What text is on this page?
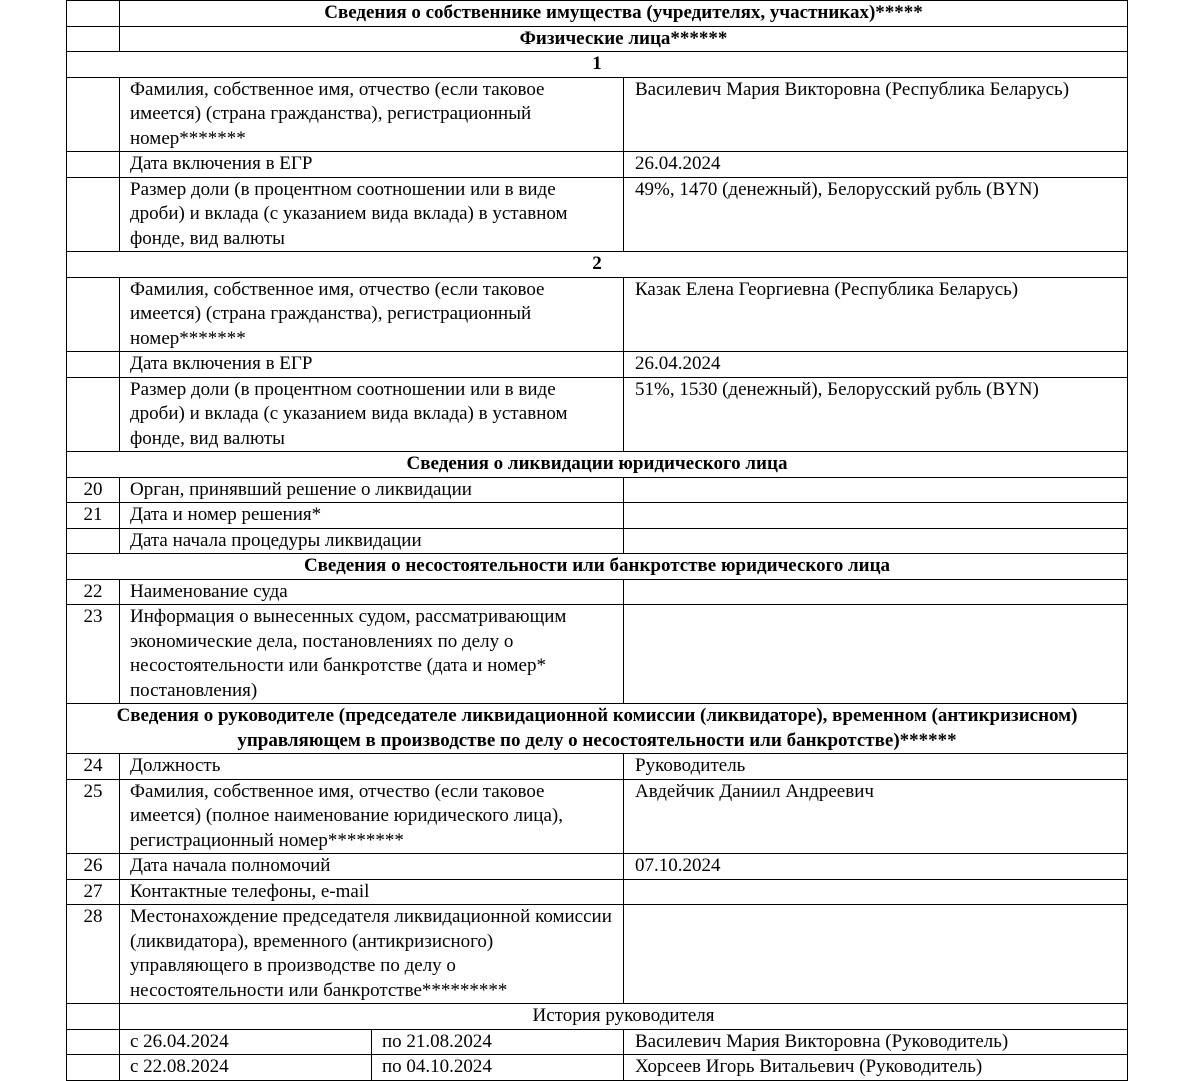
	Сведения о собственнике имущества (учредителях, участниках)*****		
	Физические лица******		
1			
	Фамилия, собственное имя, отчество (если таковое имеется) (страна гражданства), регистрационный номер*******		Василевич Мария Викторовна (Республика Беларусь)
	Дата включения в ЕГР		26.04.2024
	Размер доли (в процентном соотношении или в виде дроби) и вклада (с указанием вида вклада) в уставном фонде, вид валюты		49%, 1470 (денежный), Белорусский рубль (BYN)
2			
	Фамилия, собственное имя, отчество (если таковое имеется) (страна гражданства), регистрационный номер*******		Казак Елена Георгиевна (Республика Беларусь)
	Дата включения в ЕГР		26.04.2024
	Размер доли (в процентном соотношении или в виде дроби) и вклада (с указанием вида вклада) в уставном фонде, вид валюты		51%, 1530 (денежный), Белорусский рубль (BYN)
Сведения о ликвидации юридического лица			
20	Орган, принявший решение о ликвидации		
21	Дата и номер решения*		
	Дата начала процедуры ликвидации		
Сведения о несостоятельности или банкротстве юридического лица			
22	Наименование суда		
23	Информация о вынесенных судом, рассматривающим экономические дела, постановлениях по делу о несостоятельности или банкротстве (дата и номер* постановления)		
Сведения о руководителе (председателе ликвидационной комиссии (ликвидаторе), временном (антикризисном) управляющем в производстве по делу о несостоятельности или банкротстве)******			
24	Должность		Руководитель
25	Фамилия, собственное имя, отчество (если таковое имеется) (полное наименование юридического лица), регистрационный номер********		Авдейчик Даниил Андреевич
26	Дата начала полномочий		07.10.2024
27	Контактные телефоны, e-mail		
28	Местонахождение председателя ликвидационной комиссии (ликвидатора), временного (антикризисного) управляющего в производстве по делу о несостоятельности или банкротстве*********		
	История руководителя		
	с 26.04.2024	по 21.08.2024	Василевич Мария Викторовна (Руководитель)
	с 22.08.2024	по 04.10.2024	Хорсеев Игорь Витальевич (Руководитель)
